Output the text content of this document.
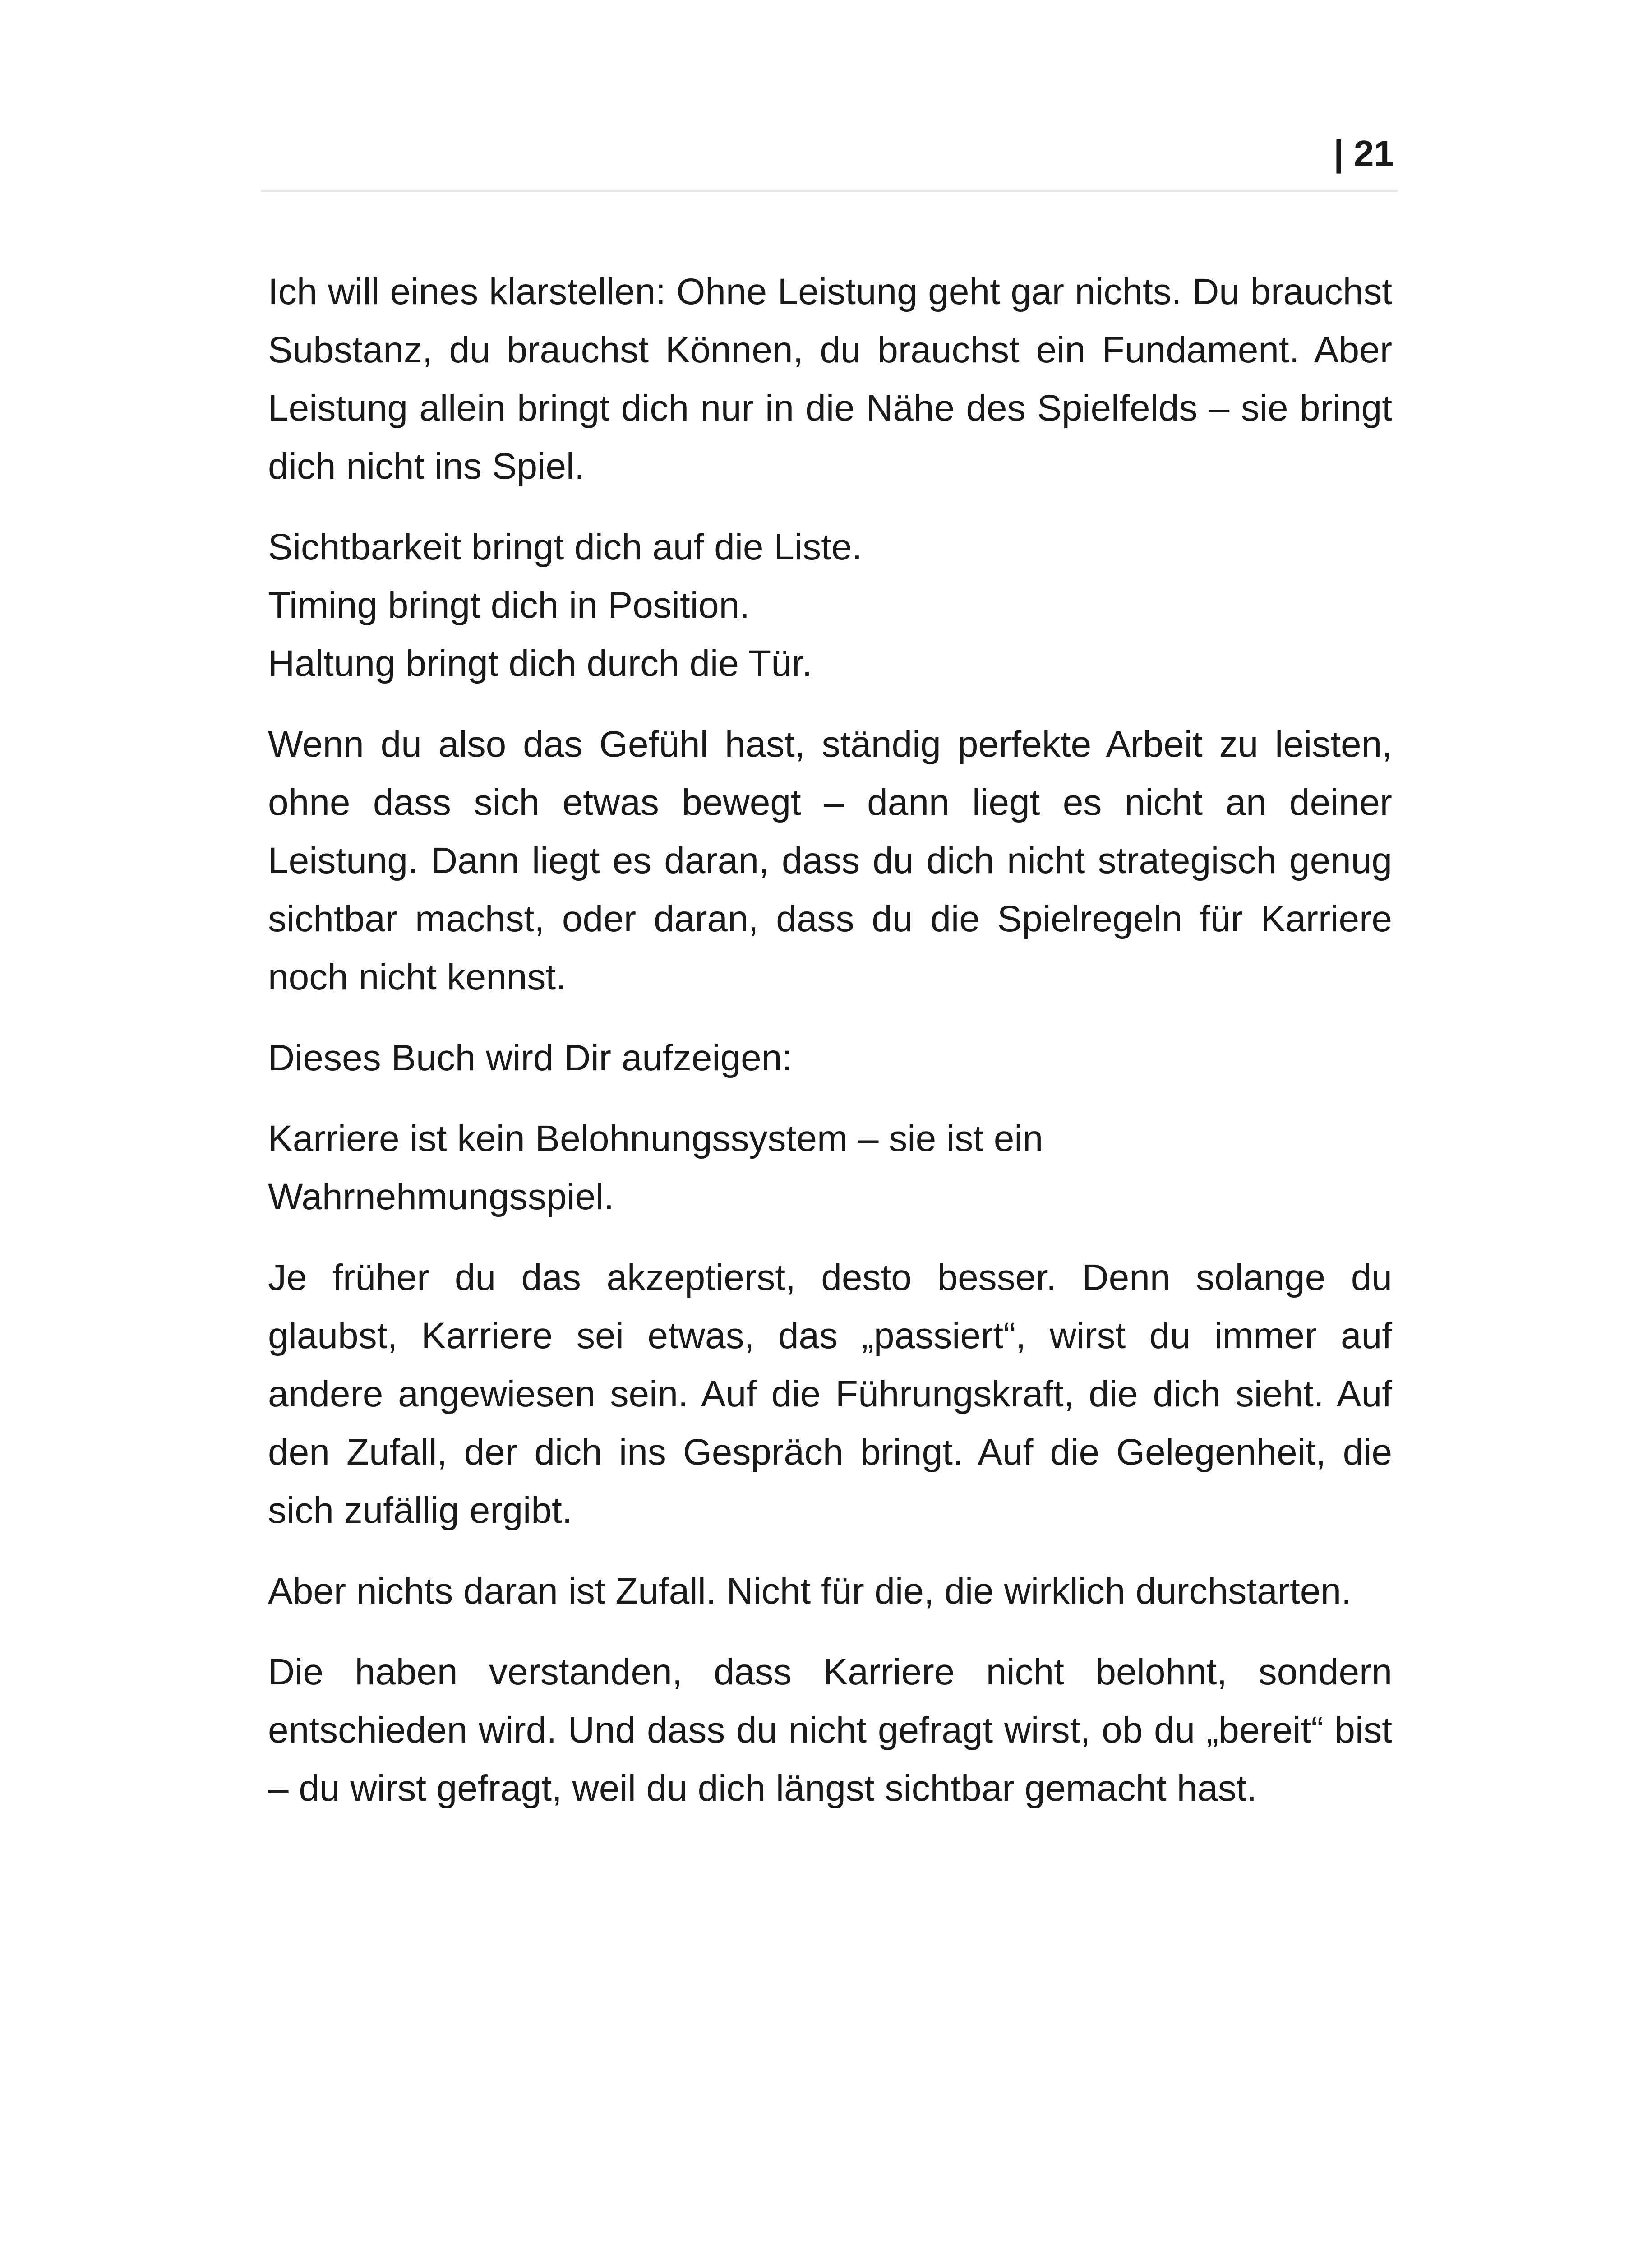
| 21

Ich will eines klarstellen: Ohne Leistung geht gar nichts. Du brauchst Substanz, du brauchst Können, du brauchst ein Fundament. Aber Leistung allein bringt dich nur in die Nähe des Spielfelds – sie bringt dich nicht ins Spiel.

Sichtbarkeit bringt dich auf die Liste.
Timing bringt dich in Position.
Haltung bringt dich durch die Tür.

Wenn du also das Gefühl hast, ständig perfekte Arbeit zu leisten, ohne dass sich etwas bewegt – dann liegt es nicht an deiner Leistung. Dann liegt es daran, dass du dich nicht strategisch genug sichtbar machst, oder daran, dass du die Spielregeln für Karriere noch nicht kennst.

Dieses Buch wird Dir aufzeigen:

Karriere ist kein Belohnungssystem – sie ist ein
Wahrnehmungsspiel.

Je früher du das akzeptierst, desto besser. Denn solange du glaubst, Karriere sei etwas, das „passiert“, wirst du immer auf andere angewiesen sein. Auf die Führungskraft, die dich sieht. Auf den Zufall, der dich ins Gespräch bringt. Auf die Gelegenheit, die sich zufällig ergibt.

Aber nichts daran ist Zufall. Nicht für die, die wirklich durchstarten.

Die haben verstanden, dass Karriere nicht belohnt, sondern entschieden wird. Und dass du nicht gefragt wirst, ob du „bereit“ bist – du wirst gefragt, weil du dich längst sichtbar gemacht hast.
